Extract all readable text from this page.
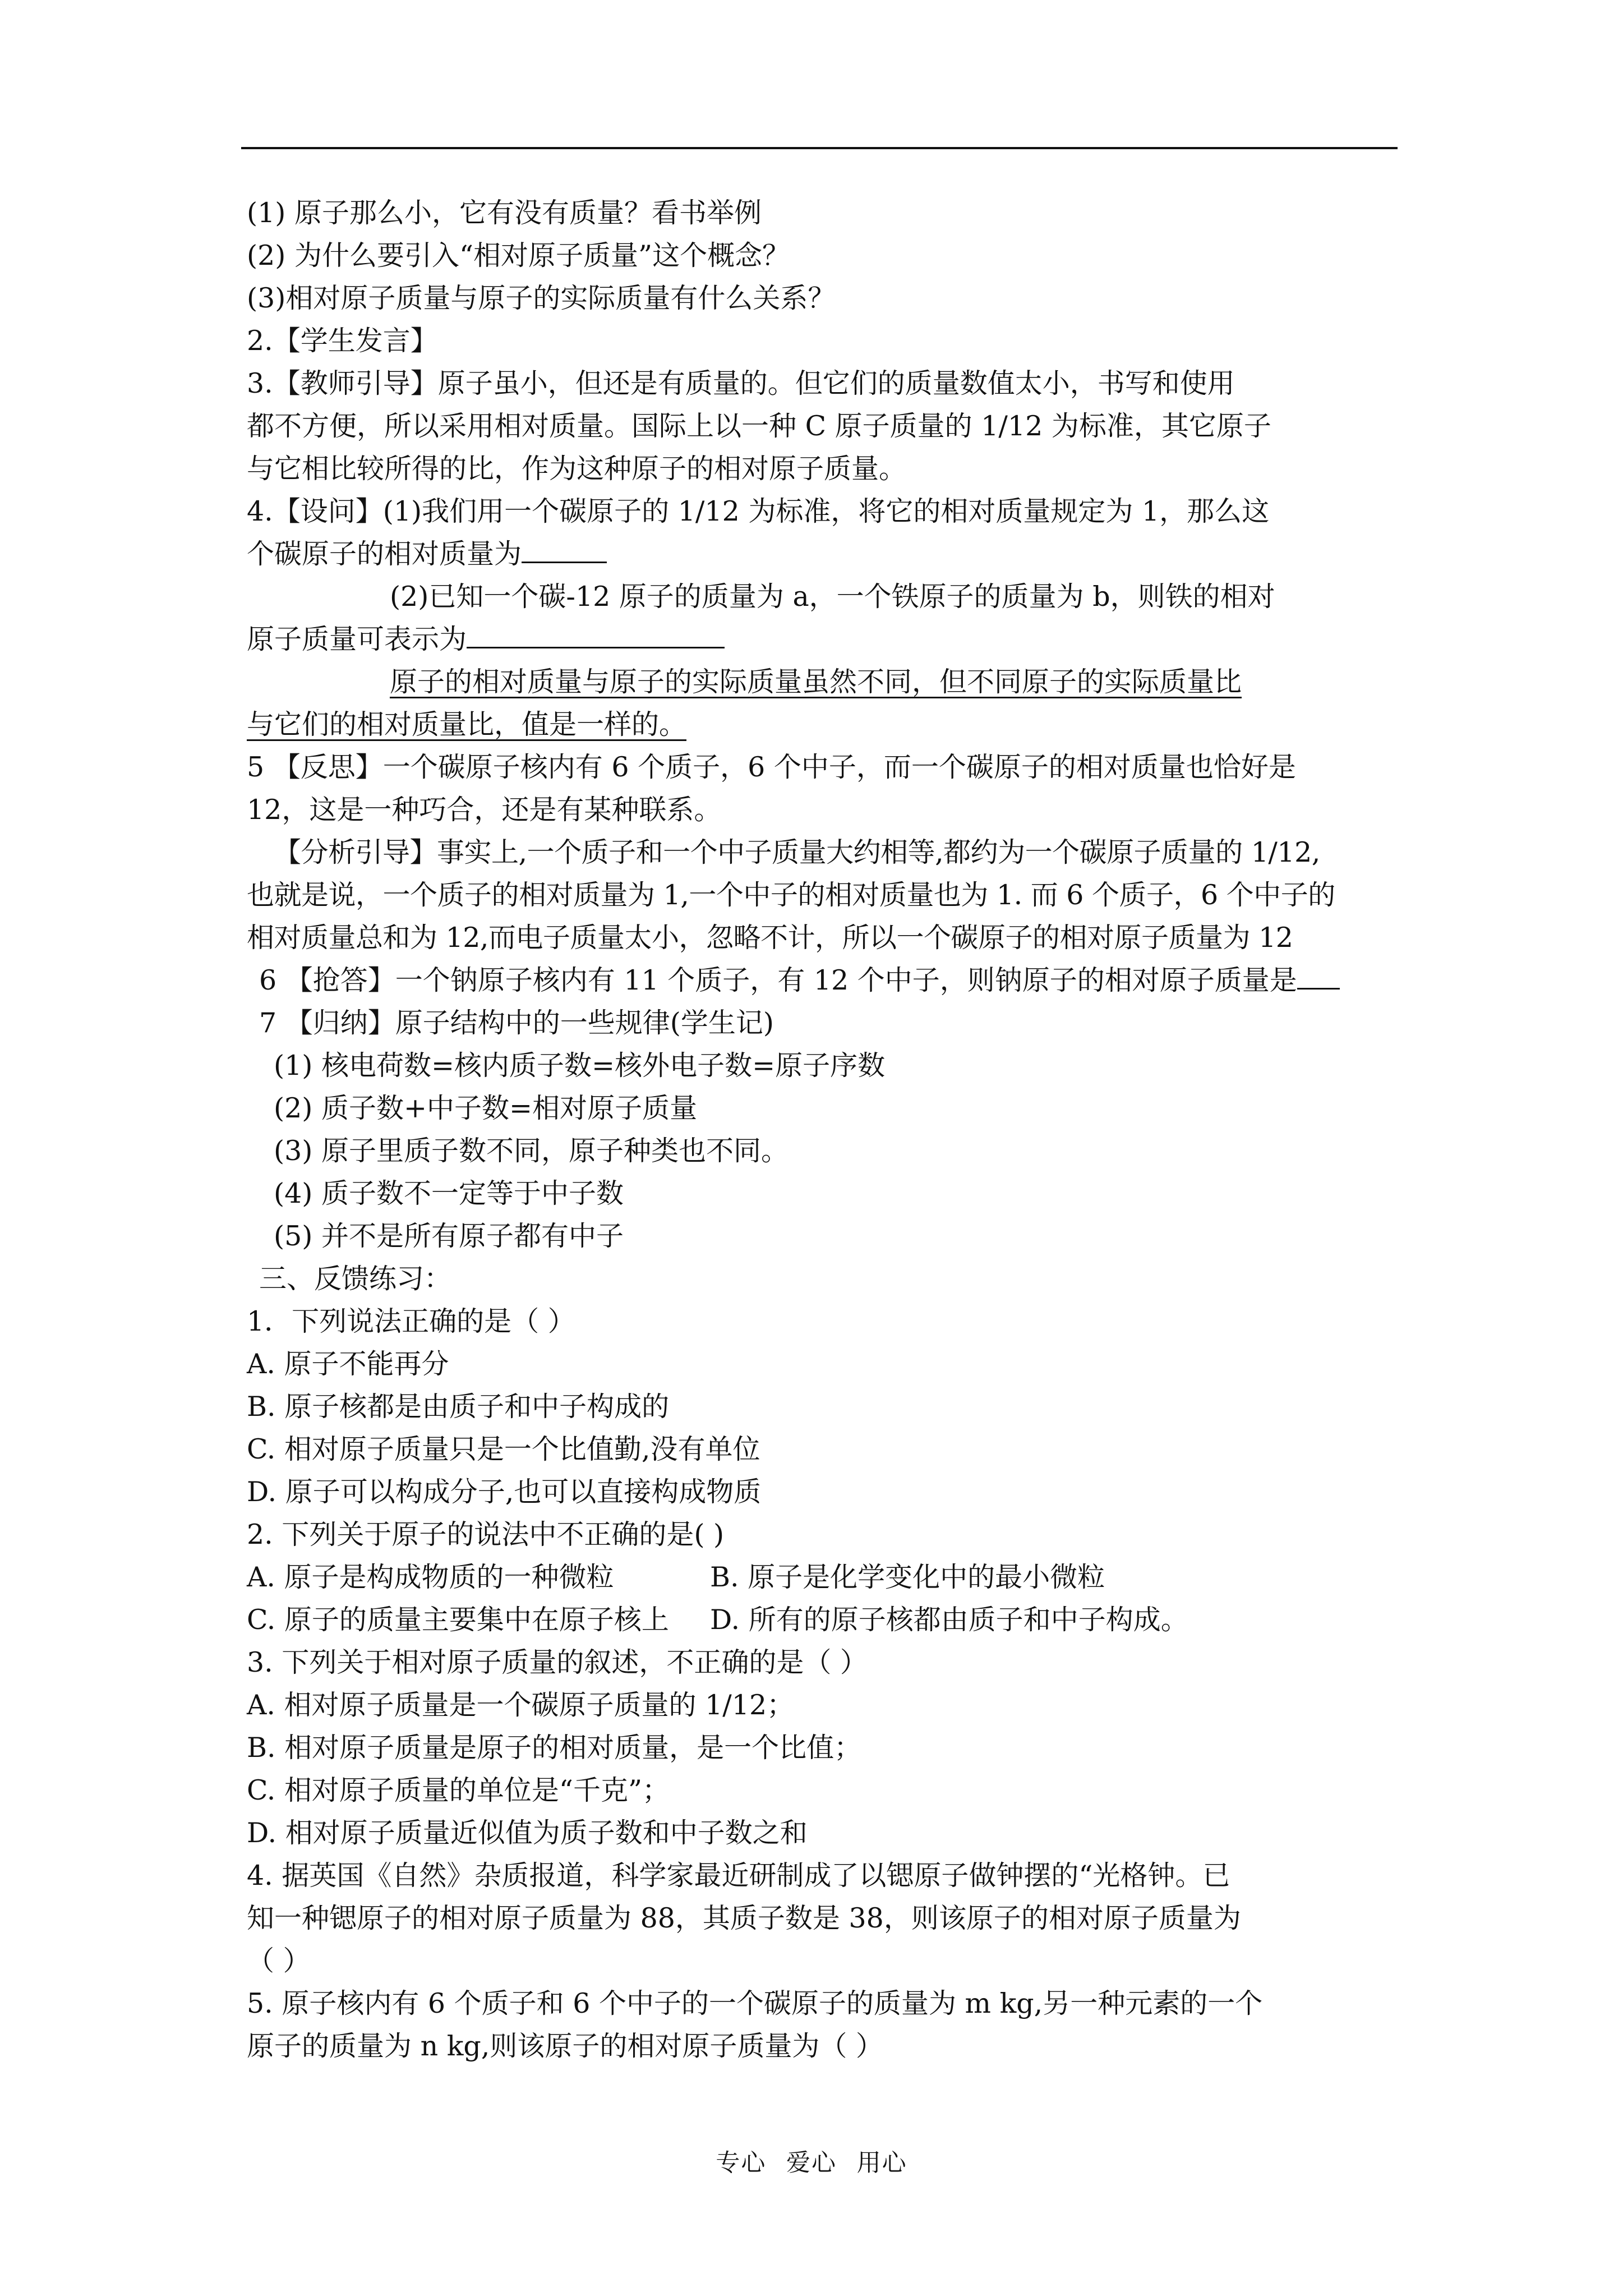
(1) 原子那么小，它有没有质量？看书举例
(2) 为什么要引入“相对原子质量”这个概念？
(3)相对原子质量与原子的实际质量有什么关系？
2.【学生发言】
3.【教师引导】原子虽小，但还是有质量的。但它们的质量数值太小，书写和使用
都不方便，所以采用相对质量。国际上以一种 C 原子质量的 1/12 为标准，其它原子
与它相比较所得的比，作为这种原子的相对原子质量。
4.【设问】(1)我们用一个碳原子的 1/12 为标准，将它的相对质量规定为 1，那么这
个碳原子的相对质量为
(2)已知一个碳-12 原子的质量为 a，一个铁原子的质量为 b，则铁的相对
原子质量可表示为
原子的相对质量与原子的实际质量虽然不同，但不同原子的实际质量比
与它们的相对质量比，值是一样的。
5 【反思】一个碳原子核内有 6 个质子，6 个中子，而一个碳原子的相对质量也恰好是
12，这是一种巧合，还是有某种联系。
【分析引导】事实上,一个质子和一个中子质量大约相等,都约为一个碳原子质量的 1/12,
也就是说，一个质子的相对质量为 1,一个中子的相对质量也为 1. 而 6 个质子，6 个中子的
相对质量总和为 12,而电子质量太小，忽略不计，所以一个碳原子的相对原子质量为 12
6 【抢答】一个钠原子核内有 11 个质子，有 12 个中子，则钠原子的相对原子质量是
7 【归纳】原子结构中的一些规律(学生记)
(1) 核电荷数=核内质子数=核外电子数=原子序数
(2) 质子数+中子数=相对原子质量
(3) 原子里质子数不同，原子种类也不同。
(4) 质子数不一定等于中子数
(5) 并不是所有原子都有中子
三、反馈练习：
1．下列说法正确的是（ ）
A. 原子不能再分
B. 原子核都是由质子和中子构成的
C. 相对原子质量只是一个比值勤,没有单位
D. 原子可以构成分子,也可以直接构成物质
2. 下列关于原子的说法中不正确的是( )
A. 原子是构成物质的一种微粒	B. 原子是化学变化中的最小微粒
C. 原子的质量主要集中在原子核上 D. 所有的原子核都由质子和中子构成。
3. 下列关于相对原子质量的叙述，不正确的是（ ）
A. 相对原子质量是一个碳原子质量的 1/12；
B. 相对原子质量是原子的相对质量，是一个比值；
C. 相对原子质量的单位是“千克”；
D. 相对原子质量近似值为质子数和中子数之和
4. 据英国《自然》杂质报道，科学家最近研制成了以锶原子做钟摆的“光格钟。已
知一种锶原子的相对原子质量为 88，其质子数是 38，则该原子的相对原子质量为
（ ）
5. 原子核内有 6 个质子和 6 个中子的一个碳原子的质量为 m kg,另一种元素的一个
原子的质量为 n kg,则该原子的相对原子质量为（ ）
专心 爱心 用心
